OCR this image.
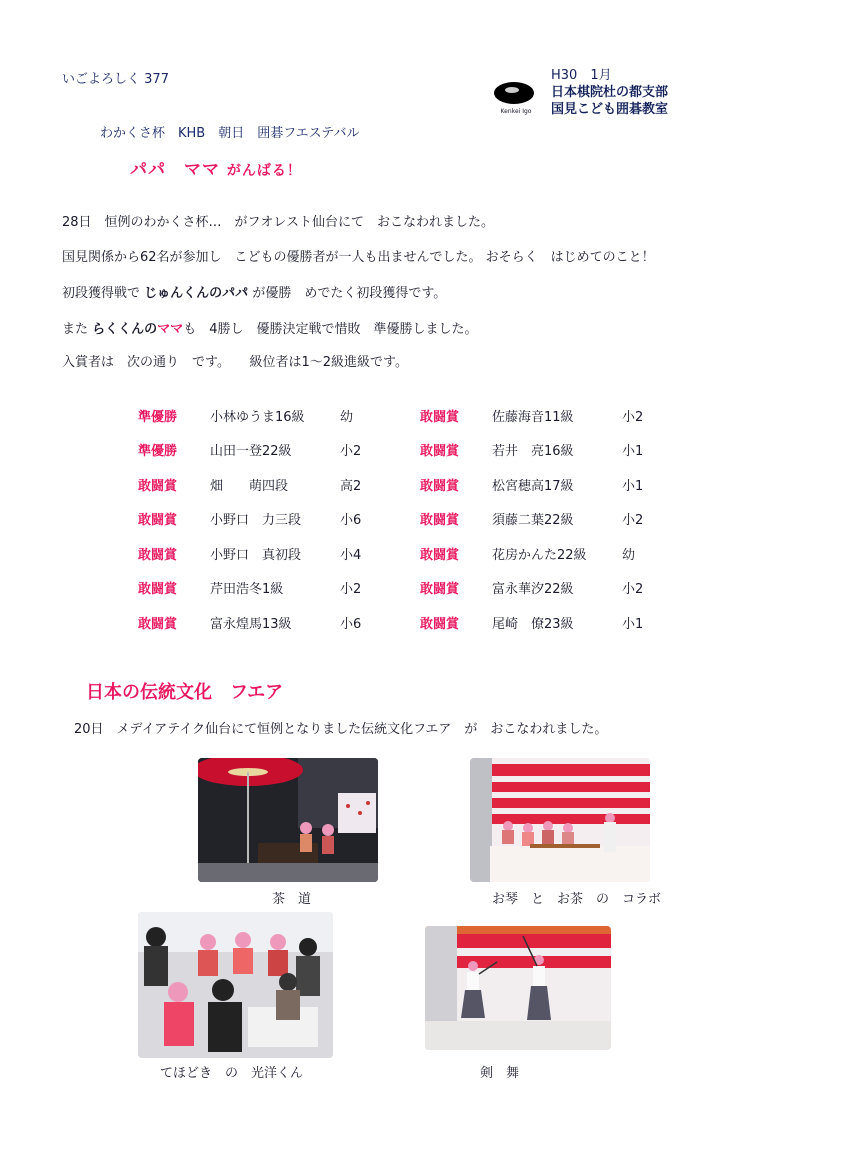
いごよろしく 377
Kenkei Igo
H30　1月
日本棋院杜の都支部
国見こども囲碁教室
わかくさ杯　KHB　朝日　囲碁フエステバル
パパ　ママ がんばる！
28日　恒例のわかくさ杯…　がフオレスト仙台にて　おこなわれました。
国見関係から62名が参加し　こどもの優勝者が一人も出ませんでした。 おそらく　はじめてのこと！
初段獲得戦で じゅんくんのパパ が優勝　めでたく初段獲得です。
また らくくんのママも　4勝し　優勝決定戦で惜敗　準優勝しました。
入賞者は　次の通り　です。　　級位者は1～2級進級です。
準優勝	小林ゆうま16級	幼	敢闘賞	佐藤海音11級	小2
準優勝	山田一登22級	小2	敢闘賞	若井　亮16級	小1
敢闘賞	畑　　萌四段	高2	敢闘賞	松宮穂高17級	小1
敢闘賞	小野口　力三段	小6	敢闘賞	須藤二葉22級	小2
敢闘賞	小野口　真初段	小4	敢闘賞	花房かんた22級	幼
敢闘賞	芹田浩冬1級	小2	敢闘賞	富永華汐22級	小2
敢闘賞	富永煌馬13級	小6	敢闘賞	尾崎　僚23級	小1
日本の伝統文化　フエア
20日　メデイアテイク仙台にて恒例となりました伝統文化フエア　が　おこなわれました。
茶　道	お琴　と　お茶　の　コラボ
てほどき　の　光洋くん	剣　舞
